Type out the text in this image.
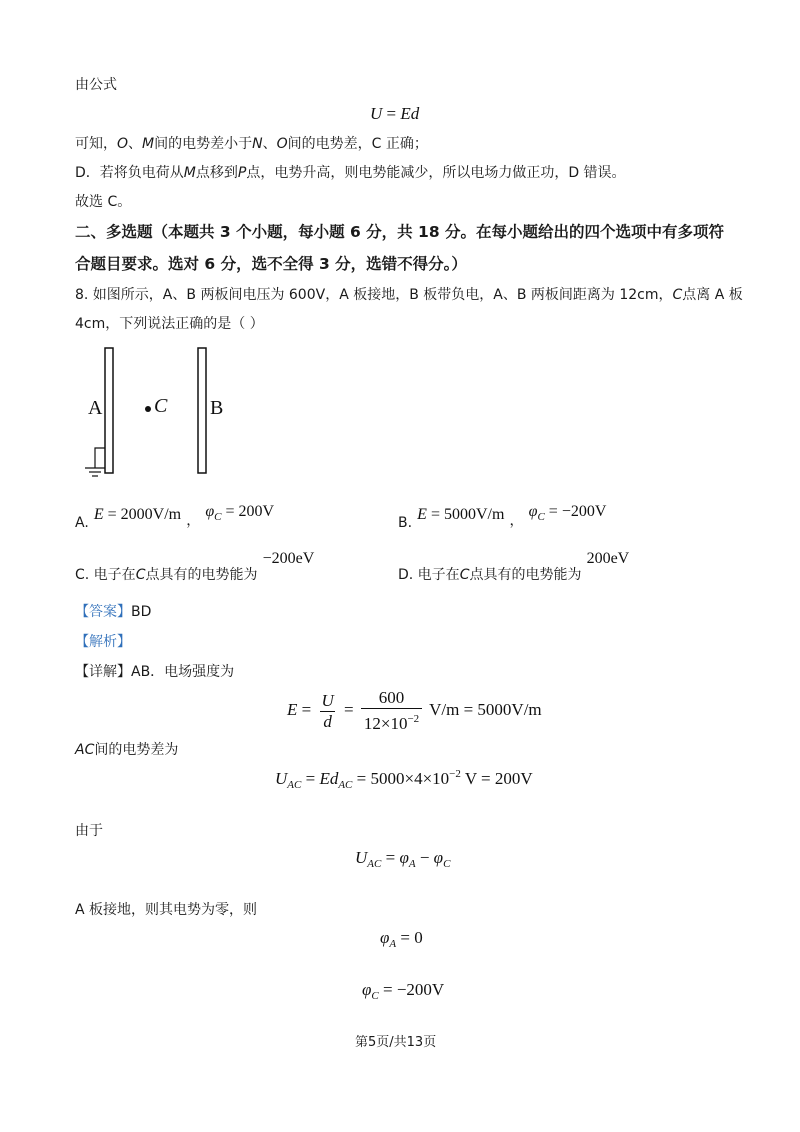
由公式
U = Ed
可知，O、M间的电势差小于N、O间的电势差，C 正确；
D．若将负电荷从M点移到P点，电势升高，则电势能减少，所以电场力做正功，D 错误。
故选 C。
二、多选题（本题共 3 个小题，每小题 6 分，共 18 分。在每小题给出的四个选项中有多项符
合题目要求。选对 6 分，选不全得 3 分，选错不得分。）
8. 如图所示，A、B 两板间电压为 600V，A 板接地，B 板带负电，A、B 两板间距离为 12cm，C点离 A 板
4cm，下列说法正确的是（ ）
A	B
C
A. E = 2000V/m ， $\varphi_C = 200V$
B. E = 5000V/m ， $\varphi_C = -200V$
C. 电子在C点具有的电势能为 −200eV
D. 电子在C点具有的电势能为 200eV
【答案】BD
【解析】
【详解】AB．电场强度为
$E = \frac{U}{d} = \frac{600}{12\times 10^{-2}} V/m = 5000V/m$
AC间的电势差为
$U_{AC} = Ed_{AC} = 5000\times 4\times 10^{-2}$ V = 200V
由于
$U_{AC} = \varphi_A - \varphi_C$
A 板接地，则其电势为零，则
$\varphi_A = 0$
$\varphi_C = -200V$
第5页/共13页
